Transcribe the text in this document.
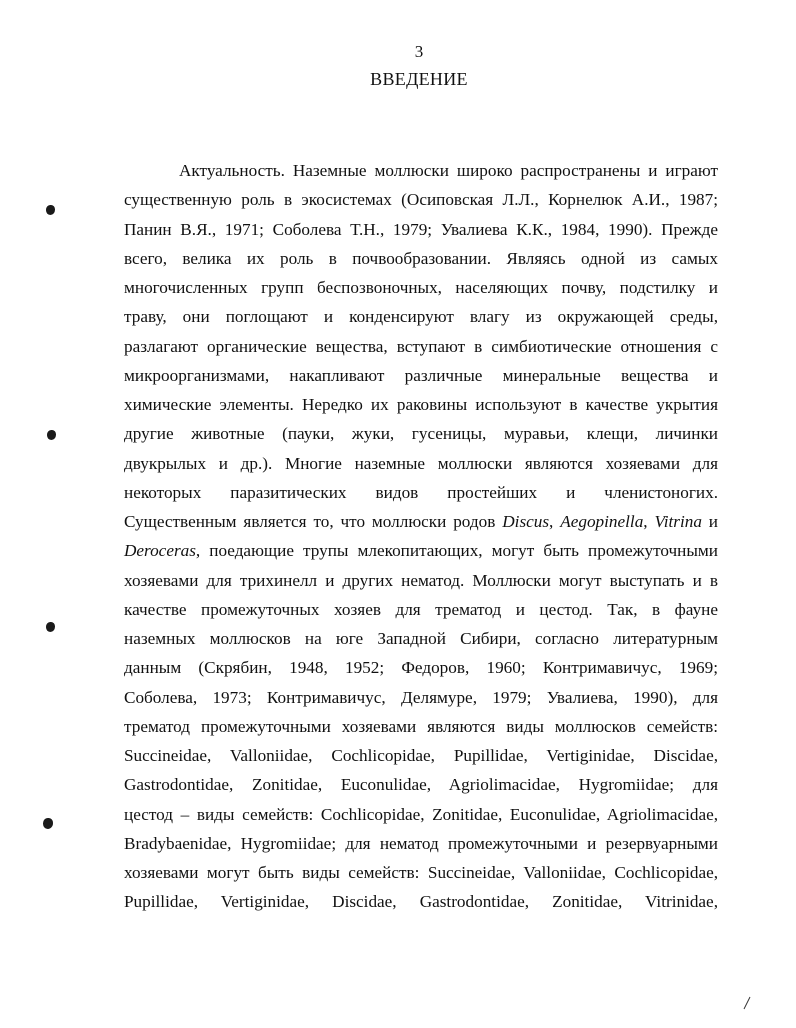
3
ВВЕДЕНИЕ
Актуальность. Наземные моллюски широко распространены и играют
существенную роль в экосистемах (Осиповская Л.Л., Корнелюк А.И., 1987;
Панин В.Я., 1971; Соболева Т.Н., 1979; Увалиева К.К., 1984, 1990). Прежде
всего, велика их роль в почвообразовании. Являясь одной из самых
многочисленных групп беспозвоночных, населяющих почву, подстилку и
траву, они поглощают и конденсируют влагу из окружающей среды,
разлагают органические вещества, вступают в симбиотические отношения с
микроорганизмами, накапливают различные минеральные вещества и
химические элементы. Нередко их раковины используют в качестве укрытия
другие животные (пауки, жуки, гусеницы, муравьи, клещи, личинки
двукрылых и др.). Многие наземные моллюски являются хозяевами для
некоторых паразитических видов простейших и членистоногих.
Существенным является то, что моллюски родов Discus, Aegopinella, Vitrina и
Deroceras, поедающие трупы млекопитающих, могут быть промежуточными
хозяевами для трихинелл и других нематод. Моллюски могут выступать и в
качестве промежуточных хозяев для трематод и цестод. Так, в фауне
наземных моллюсков на юге Западной Сибири, согласно литературным
данным (Скрябин, 1948, 1952; Федоров, 1960; Контримавичус, 1969;
Соболева, 1973; Контримавичус, Делямуре, 1979; Увалиева, 1990), для
трематод промежуточными хозяевами являются виды моллюсков семейств:
Succineidae, Valloniidae, Cochlicopidae, Pupillidae, Vertiginidae, Discidae,
Gastrodontidae, Zonitidae, Euconulidae, Agriolimacidae, Hygromiidae; для
цестод – виды семейств: Cochlicopidae, Zonitidae, Euconulidae, Agriolimacidae,
Bradybaenidae, Hygromiidae; для нематод промежуточными и резервуарными
хозяевами могут быть виды семейств: Succineidae, Valloniidae, Cochlicopidae,
Pupillidae, Vertiginidae, Discidae, Gastrodontidae, Zonitidae, Vitrinidae,
